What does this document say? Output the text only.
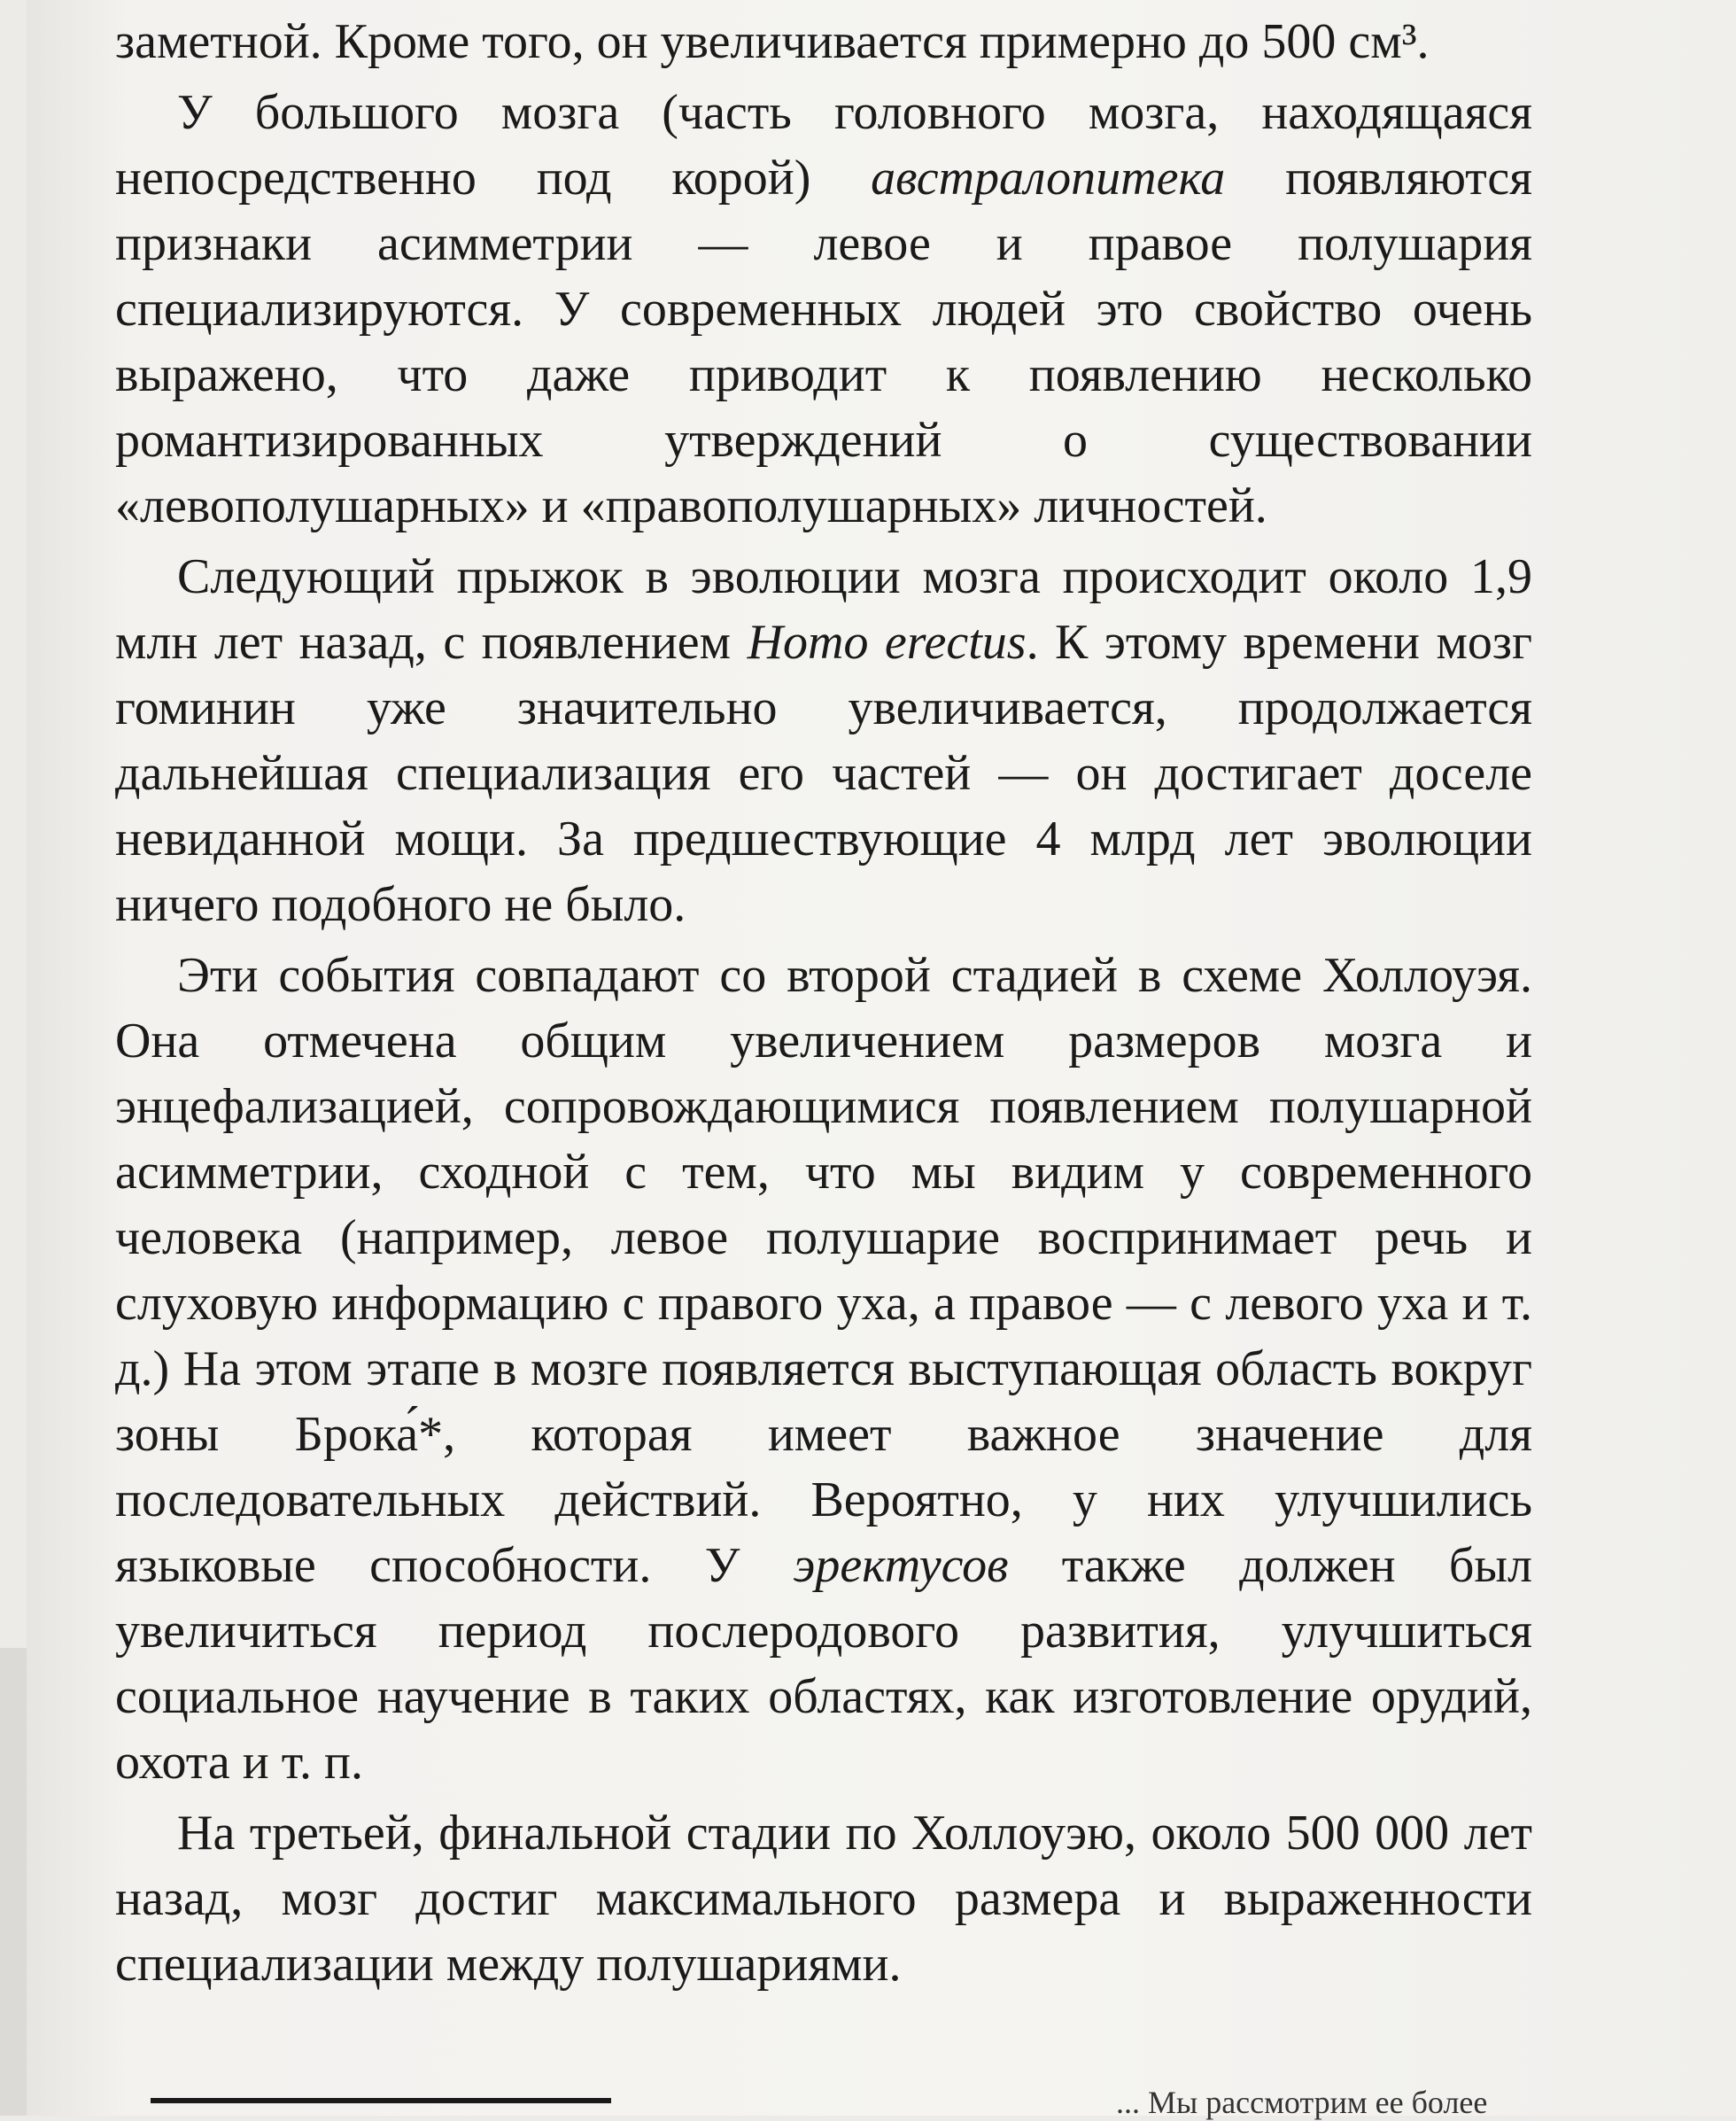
заметной. Кроме того, он увеличивается примерно до 500 см³.

У большого мозга (часть головного мозга, находящаяся непосредственно под корой) австралопитека появляются признаки асимметрии — левое и правое полушария специализируются. У современных людей это свойство очень выражено, что даже приводит к появлению несколько романтизированных утверждений о существовании «левополушарных» и «правополушарных» личностей.

Следующий прыжок в эволюции мозга происходит около 1,9 млн лет назад, с появлением Homo erectus. К этому времени мозг гоминин уже значительно увеличивается, продолжается дальнейшая специализация его частей — он достигает доселе невиданной мощи. За предшествующие 4 млрд лет эволюции ничего подобного не было.

Эти события совпадают со второй стадией в схеме Холлоуэя. Она отмечена общим увеличением размеров мозга и энцефализацией, сопровождающимися появлением полушарной асимметрии, сходной с тем, что мы видим у современного человека (например, левое полушарие воспринимает речь и слуховую информацию с правого уха, а правое — с левого уха и т. д.) На этом этапе в мозге появляется выступающая область вокруг зоны Брока́*, которая имеет важное значение для последовательных действий. Вероятно, у них улучшились языковые способности. У эректусов также должен был увеличиться период послеродового развития, улучшиться социальное научение в таких областях, как изготовление орудий, охота и т. п.

На третьей, финальной стадии по Холлоуэю, около 500 000 лет назад, мозг достиг максимального размера и выраженности специализации между полушариями.

... Мы рассмотрим ее более
